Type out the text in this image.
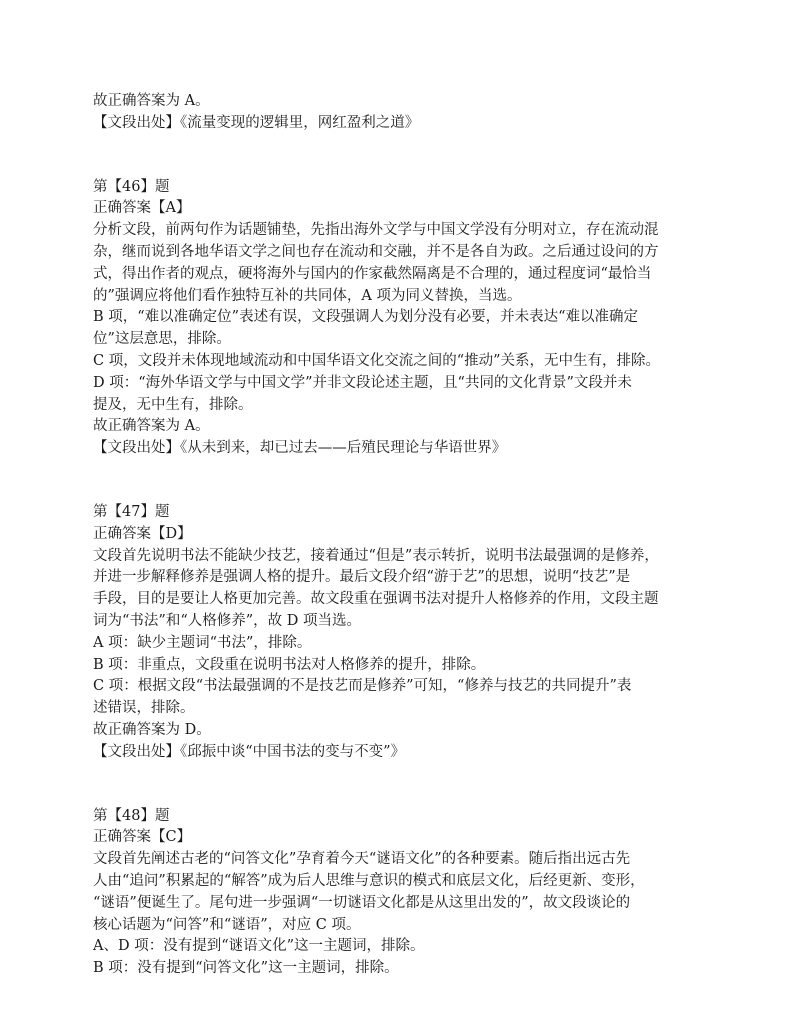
故正确答案为 A。
【文段出处】《流量变现的逻辑里，网红盈利之道》
第【46】题
正确答案【A】
分析文段，前两句作为话题铺垫，先指出海外文学与中国文学没有分明对立，存在流动混
杂，继而说到各地华语文学之间也存在流动和交融，并不是各自为政。之后通过设问的方
式，得出作者的观点，硬将海外与国内的作家截然隔离是不合理的，通过程度词“最恰当
的”强调应将他们看作独特互补的共同体，A 项为同义替换，当选。
B 项，“难以准确定位”表述有误，文段强调人为划分没有必要，并未表达“难以准确定
位”这层意思，排除。
C 项，文段并未体现地域流动和中国华语文化交流之间的“推动”关系，无中生有，排除。
D 项：“海外华语文学与中国文学”并非文段论述主题，且“共同的文化背景”文段并未
提及，无中生有，排除。
故正确答案为 A。
【文段出处】《从未到来，却已过去——后殖民理论与华语世界》
第【47】题
正确答案【D】
文段首先说明书法不能缺少技艺，接着通过“但是”表示转折，说明书法最强调的是修养，
并进一步解释修养是强调人格的提升。最后文段介绍“游于艺”的思想，说明“技艺”是
手段，目的是要让人格更加完善。故文段重在强调书法对提升人格修养的作用，文段主题
词为“书法”和“人格修养”，故 D 项当选。
A 项：缺少主题词“书法”，排除。
B 项：非重点，文段重在说明书法对人格修养的提升，排除。
C 项：根据文段“书法最强调的不是技艺而是修养”可知，“修养与技艺的共同提升”表
述错误，排除。
故正确答案为 D。
【文段出处】《邱振中谈“中国书法的变与不变”》
第【48】题
正确答案【C】
文段首先阐述古老的“问答文化”孕育着今天“谜语文化”的各种要素。随后指出远古先
人由“追问”积累起的“解答”成为后人思维与意识的模式和底层文化，后经更新、变形，
“谜语”便诞生了。尾句进一步强调“一切谜语文化都是从这里出发的”，故文段谈论的
核心话题为“问答”和“谜语”，对应 C 项。
A、D 项：没有提到“谜语文化”这一主题词，排除。
B 项：没有提到“问答文化”这一主题词，排除。
